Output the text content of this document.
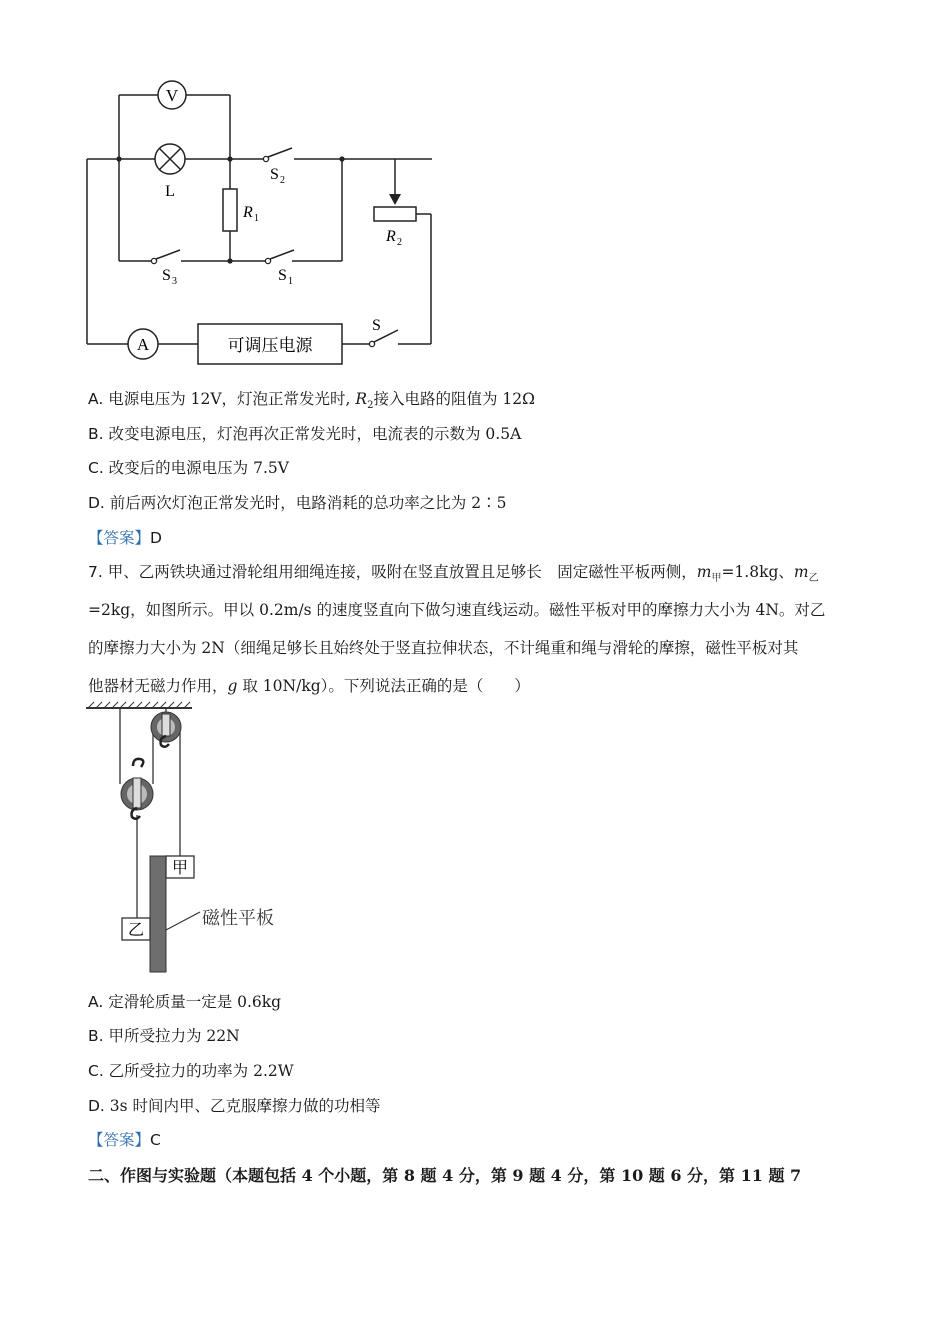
V
L
S 2
R 1
R 2
S 3	S 1
A	可调压电源
S
A. 电源电压为 12V，灯泡正常发光时, $R_2$接入电路的阻值为 12Ω
B. 改变电源电压，灯泡再次正常发光时，电流表的示数为 0.5A
C. 改变后的电源电压为 7.5V
D. 前后两次灯泡正常发光时，电路消耗的总功率之比为 2∶5
【答案】D
7. 甲、乙两铁块通过滑轮组用细绳连接，吸附在竖直放置且足够长　固定磁性平板两侧，$m_甲=1.8kg$、$m_乙$
=2kg，如图所示。甲以 0.2m/s 的速度竖直向下做匀速直线运动。磁性平板对甲的摩擦力大小为 4N。对乙
的摩擦力大小为 2N（细绳足够长且始终处于竖直拉伸状态，不计绳重和绳与滑轮的摩擦，磁性平板对其
他器材无磁力作用，g 取 10N/kg）。下列说法正确的是（　　）
甲
乙
磁性平板
A. 定滑轮质量一定是 0.6kg
B. 甲所受拉力为 22N
C. 乙所受拉力的功率为 2.2W
D. 3s 时间内甲、乙克服摩擦力做的功相等
【答案】C
二、作图与实验题（本题包括 4 个小题，第 8 题 4 分，第 9 题 4 分，第 10 题 6 分，第 11 题 7
